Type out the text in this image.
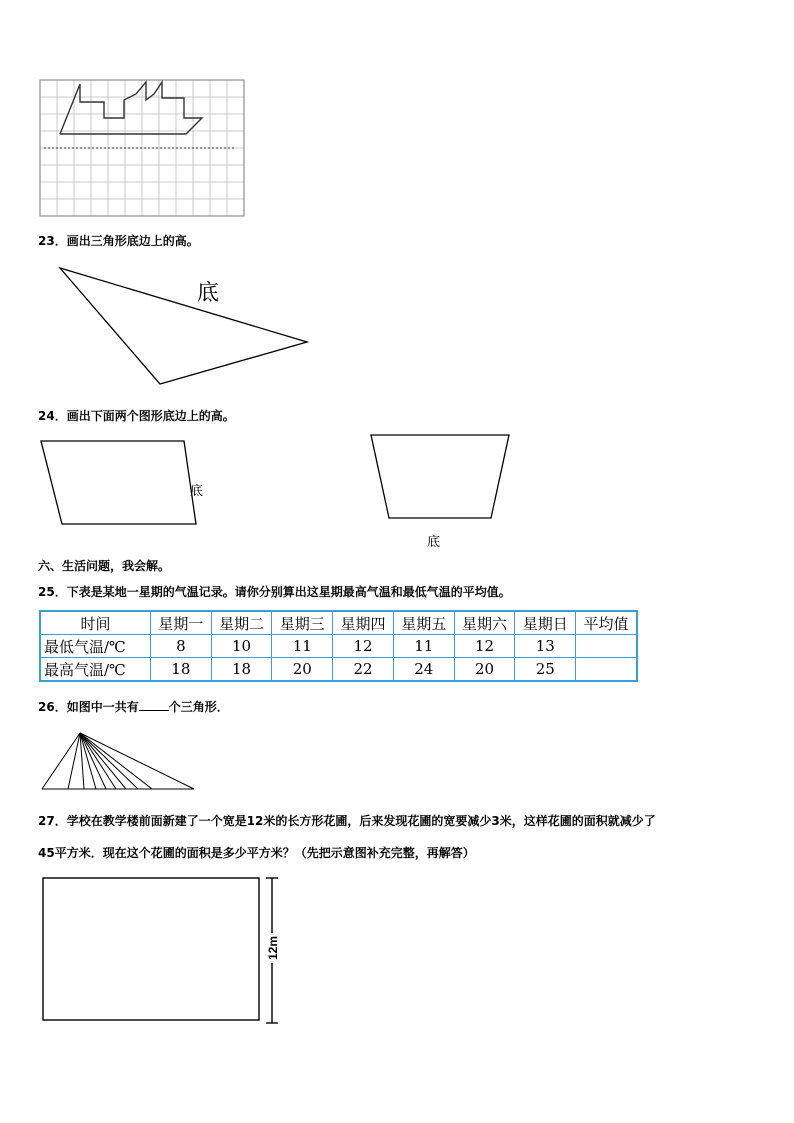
23．画出三角形底边上的高。
底
24．画出下面两个图形底边上的高。
底
底
六、生活问题，我会解。
25．下表是某地一星期的气温记录。请你分别算出这星期最高气温和最低气温的平均值。
时间	星期一	星期二	星期三	星期四	星期五	星期六	星期日	平均值
最低气温/℃	8	10	11	12	11	12	13	
最高气温/℃	18	18	20	22	24	20	25	
26．如图中一共有	个三角形．
27．学校在教学楼前面新建了一个宽是12米的长方形花圃，后来发现花圃的宽要减少3米，这样花圃的面积就减少了
45平方米．现在这个花圃的面积是多少平方米？（先把示意图补充完整，再解答）
12m
